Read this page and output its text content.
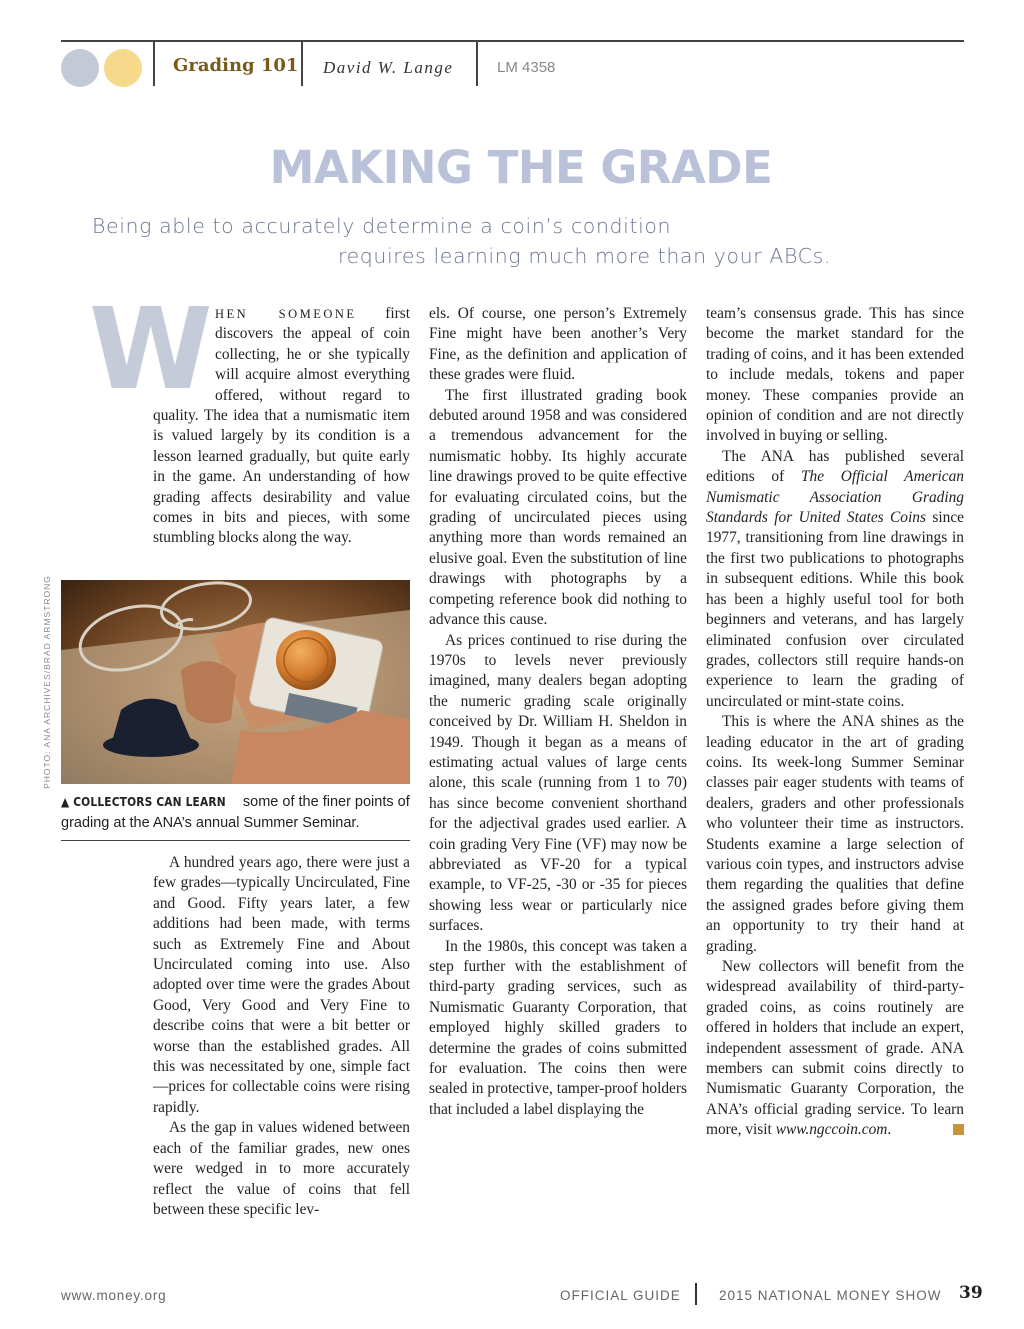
Grading 101 David W. Lange	LM 4358
MAKING THE GRADE
Being able to accurately determine a coin’s condition
requires learning much more than your ABCs.

WHEN SOMEONE first discovers the appeal of coin collecting, he or she typically will acquire almost everything offered, without regard to quality. The idea that a numismatic item is valued largely by its condition is a lesson learned gradually, but quite early in the game. An understanding of how grading affects desirability and value comes in bits and pieces, with some stumbling blocks along the way.

PHOTO: ANA ARCHIVES/BRAD ARMSTRONG
▲ COLLECTORS CAN LEARN some of the finer points of grading at the ANA’s annual Summer Seminar.

A hundred years ago, there were just a few grades—typically Uncirculated, Fine and Good. Fifty years later, a few additions had been made, with terms such as Extremely Fine and About Uncirculated coming into use. Also adopted over time were the grades About Good, Very Good and Very Fine to describe coins that were a bit better or worse than the established grades. All this was necessitated by one, simple fact—prices for collectable coins were rising rapidly.

As the gap in values widened between each of the familiar grades, new ones were wedged in to more accurately reflect the value of coins that fell between these specific lev-

els. Of course, one person’s Extremely Fine might have been another’s Very Fine, as the definition and application of these grades were fluid.

The first illustrated grading book debuted around 1958 and was considered a tremendous advancement for the numismatic hobby. Its highly accurate line drawings proved to be quite effective for evaluating circulated coins, but the grading of uncirculated pieces using anything more than words remained an elusive goal. Even the substitution of line drawings with photographs by a competing reference book did nothing to advance this cause.

As prices continued to rise during the 1970s to levels never previously imagined, many dealers began adopting the numeric grading scale originally conceived by Dr. William H. Sheldon in 1949. Though it began as a means of estimating actual values of large cents alone, this scale (running from 1 to 70) has since become convenient shorthand for the adjectival grades used earlier. A coin grading Very Fine (VF) may now be abbreviated as VF-20 for a typical example, to VF-25, -30 or -35 for pieces showing less wear or particularly nice surfaces.

In the 1980s, this concept was taken a step further with the establishment of third-party grading services, such as Numismatic Guaranty Corporation, that employed highly skilled graders to determine the grades of coins submitted for evaluation. The coins then were sealed in protective, tamper-proof holders that included a label displaying the

team’s consensus grade. This has since become the market standard for the trading of coins, and it has been extended to include medals, tokens and paper money. These companies provide an opinion of condition and are not directly involved in buying or selling.

The ANA has published several editions of The Official American Numismatic Association Grading Standards for United States Coins since 1977, transitioning from line drawings in the first two publications to photographs in subsequent editions. While this book has been a highly useful tool for both beginners and veterans, and has largely eliminated confusion over circulated grades, collectors still require hands-on experience to learn the grading of uncirculated or mint-state coins.

This is where the ANA shines as the leading educator in the art of grading coins. Its week-long Summer Seminar classes pair eager students with teams of dealers, graders and other professionals who volunteer their time as instructors. Students examine a large selection of various coin types, and instructors advise them regarding the qualities that define the assigned grades before giving them an opportunity to try their hand at grading.

New collectors will benefit from the widespread availability of third-party-graded coins, as coins routinely are offered in holders that include an expert, independent assessment of grade. ANA members can submit coins directly to Numismatic Guaranty Corporation, the ANA’s official grading service. To learn more, visit www.ngccoin.com.

www.money.org	OFFICIAL GUIDE	2015 NATIONAL MONEY SHOW 39
